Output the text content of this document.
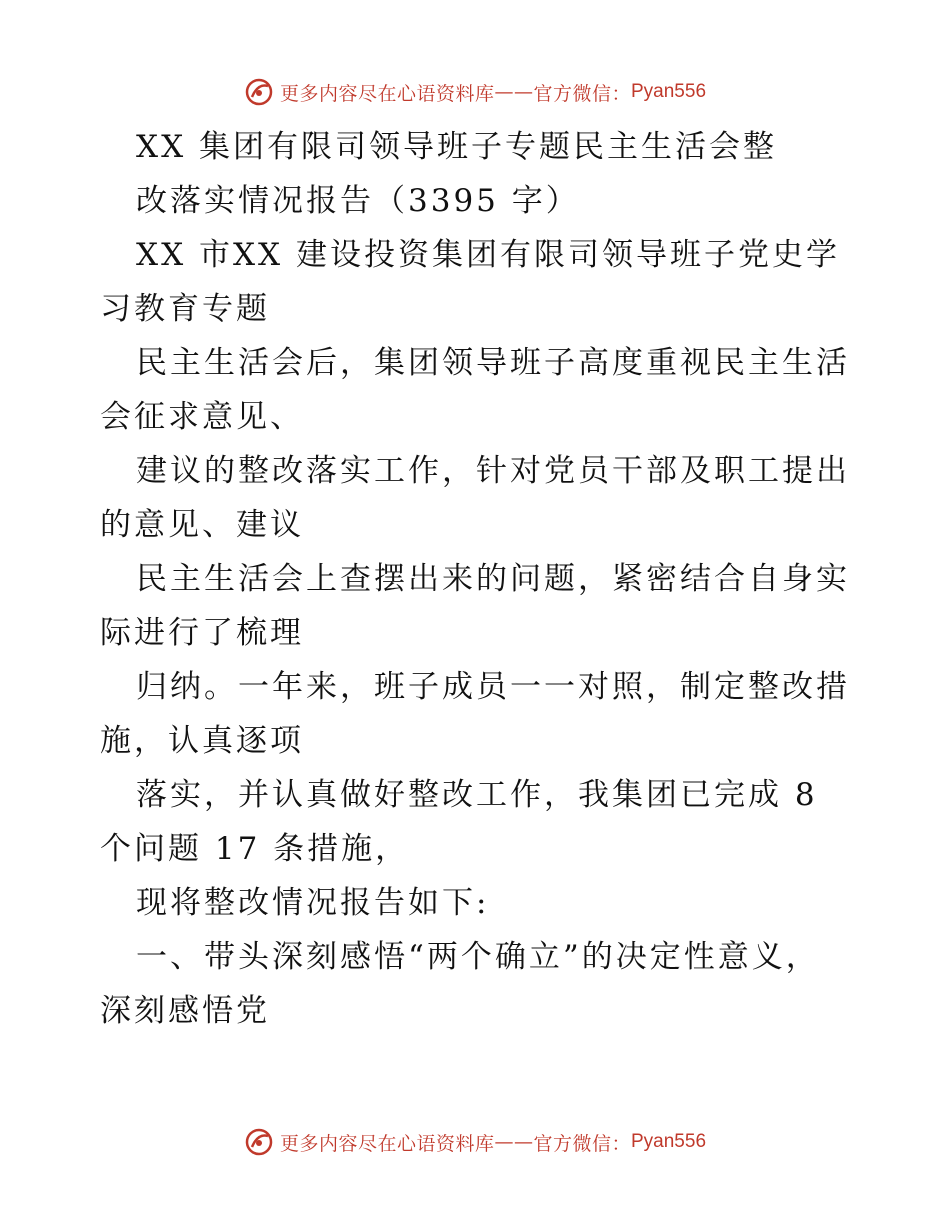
更多内容尽在心语资料库 —— 官方微信： Pyan556
XX 集团有限司领导班子专题民主生活会整
改落实情况报告（3395 字）
XX 市XX 建设投资集团有限司领导班子党史学
习教育专题
民主生活会后，集团领导班子高度重视民主生活
会征求意见、
建议的整改落实工作，针对党员干部及职工提出
的意见、建议
民主生活会上查摆出来的问题，紧密结合自身实
际进行了梳理
归纳。一年来，班子成员一一对照，制定整改措
施，认真逐项
落实，并认真做好整改工作，我集团已完成 8
个问题 17 条措施，
现将整改情况报告如下:
一、带头深刻感悟“两个确立”的决定性意义，
深刻感悟党
更多内容尽在心语资料库 —— 官方微信： Pyan556
